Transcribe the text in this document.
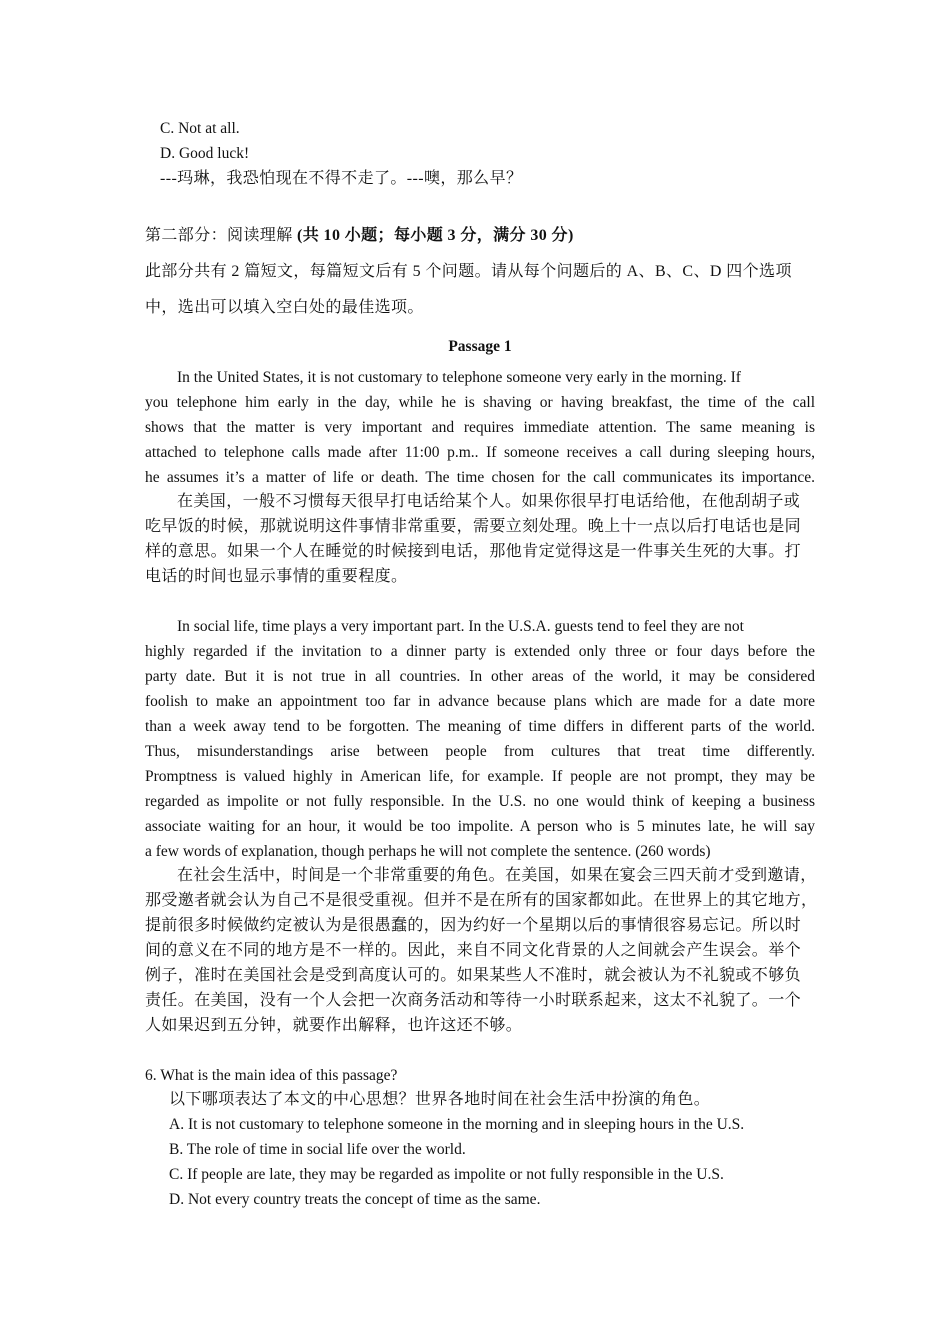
C. Not at all.
D. Good luck!
---玛琳，我恐怕现在不得不走了。---噢，那么早？
第二部分：阅读理解 (共 10 小题；每小题 3 分，满分 30 分)
此部分共有 2 篇短文，每篇短文后有 5 个问题。请从每个问题后的 A、B、C、D 四个选项
中，选出可以填入空白处的最佳选项。
Passage 1
In the United States, it is not customary to telephone someone very early in the morning. If
you telephone him early in the day, while he is shaving or having breakfast, the time of the call
shows that the matter is very important and requires immediate attention. The same meaning is
attached to telephone calls made after 11:00 p.m.. If someone receives a call during sleeping hours,
he assumes it’s a matter of life or death. The time chosen for the call communicates its importance.
在美国，一般不习惯每天很早打电话给某个人。如果你很早打电话给他，在他刮胡子或
吃早饭的时候，那就说明这件事情非常重要，需要立刻处理。晚上十一点以后打电话也是同
样的意思。如果一个人在睡觉的时候接到电话，那他肯定觉得这是一件事关生死的大事。打
电话的时间也显示事情的重要程度。
In social life, time plays a very important part. In the U.S.A. guests tend to feel they are not
highly regarded if the invitation to a dinner party is extended only three or four days before the
party date. But it is not true in all countries. In other areas of the world, it may be considered
foolish to make an appointment too far in advance because plans which are made for a date more
than a week away tend to be forgotten. The meaning of time differs in different parts of the world.
Thus, misunderstandings arise between people from cultures that treat time differently.
Promptness is valued highly in American life, for example. If people are not prompt, they may be
regarded as impolite or not fully responsible. In the U.S. no one would think of keeping a business
associate waiting for an hour, it would be too impolite. A person who is 5 minutes late, he will say
a few words of explanation, though perhaps he will not complete the sentence. (260 words)
在社会生活中，时间是一个非常重要的角色。在美国，如果在宴会三四天前才受到邀请，
那受邀者就会认为自己不是很受重视。但并不是在所有的国家都如此。在世界上的其它地方，
提前很多时候做约定被认为是很愚蠢的，因为约好一个星期以后的事情很容易忘记。所以时
间的意义在不同的地方是不一样的。因此，来自不同文化背景的人之间就会产生误会。举个
例子，准时在美国社会是受到高度认可的。如果某些人不准时，就会被认为不礼貌或不够负
责任。在美国，没有一个人会把一次商务活动和等待一小时联系起来，这太不礼貌了。一个
人如果迟到五分钟，就要作出解释，也许这还不够。
6. What is the main idea of this passage?
以下哪项表达了本文的中心思想？世界各地时间在社会生活中扮演的角色。
A. It is not customary to telephone someone in the morning and in sleeping hours in the U.S.
B. The role of time in social life over the world.
C. If people are late, they may be regarded as impolite or not fully responsible in the U.S.
D. Not every country treats the concept of time as the same.
